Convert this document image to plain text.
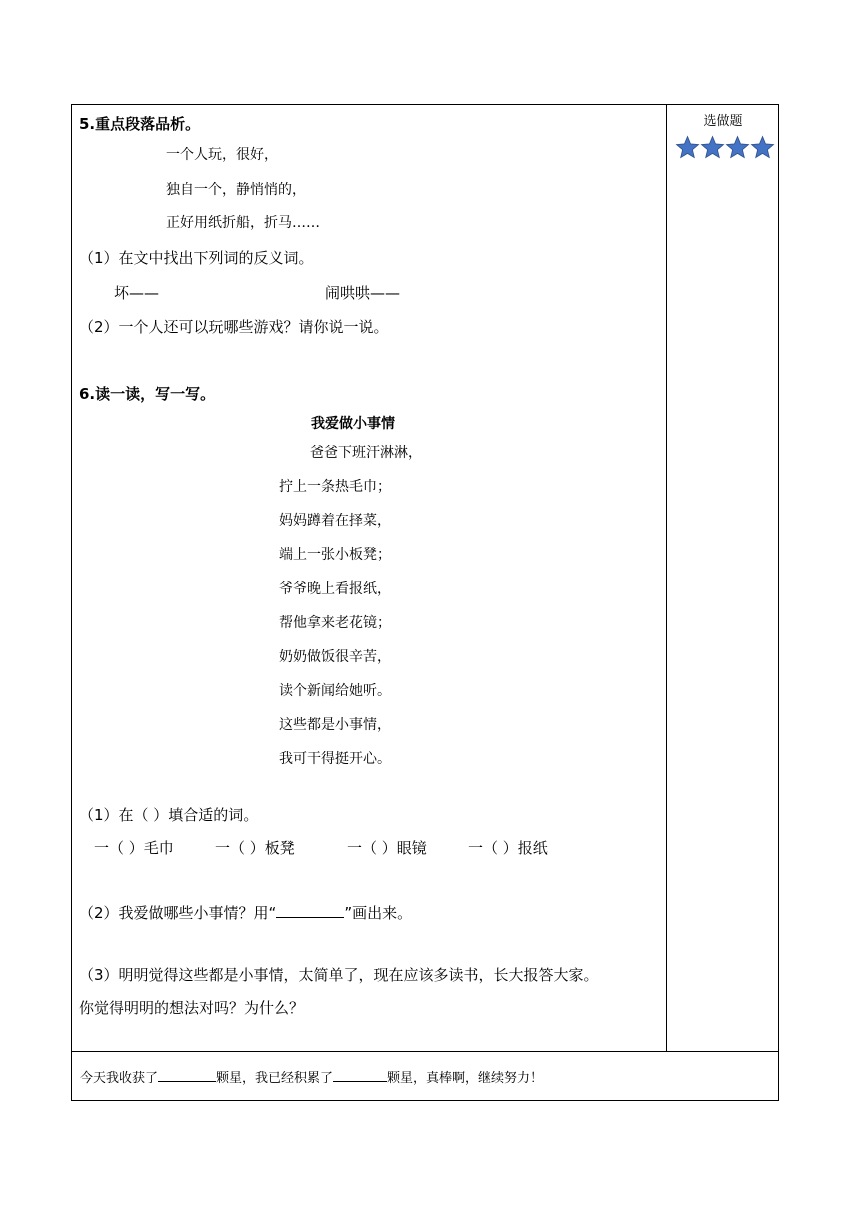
5.重点段落品析。
一个人玩，很好，
独自一个，静悄悄的，
正好用纸折船，折马……
（1）在文中找出下列词的反义词。
坏——	闹哄哄——
（2）一个人还可以玩哪些游戏？请你说一说。
6.读一读，写一写。
我爱做小事情
爸爸下班汗淋淋，
拧上一条热毛巾；
妈妈蹲着在择菜，
端上一张小板凳；
爷爷晚上看报纸，
帮他拿来老花镜；
奶奶做饭很辛苦，
读个新闻给她听。
这些都是小事情，
我可干得挺开心。
（1）在（ ）填合适的词。
一（ ）毛巾	一（ ）板凳	一（ ）眼镜	一（ ）报纸
（2）我爱做哪些小事情？用“	”画出来。
（3）明明觉得这些都是小事情，太简单了，现在应该多读书，长大报答大家。
你觉得明明的想法对吗？为什么？
选做题
今天我收获了	颗星，我已经积累了	颗星，真棒啊，继续努力！
